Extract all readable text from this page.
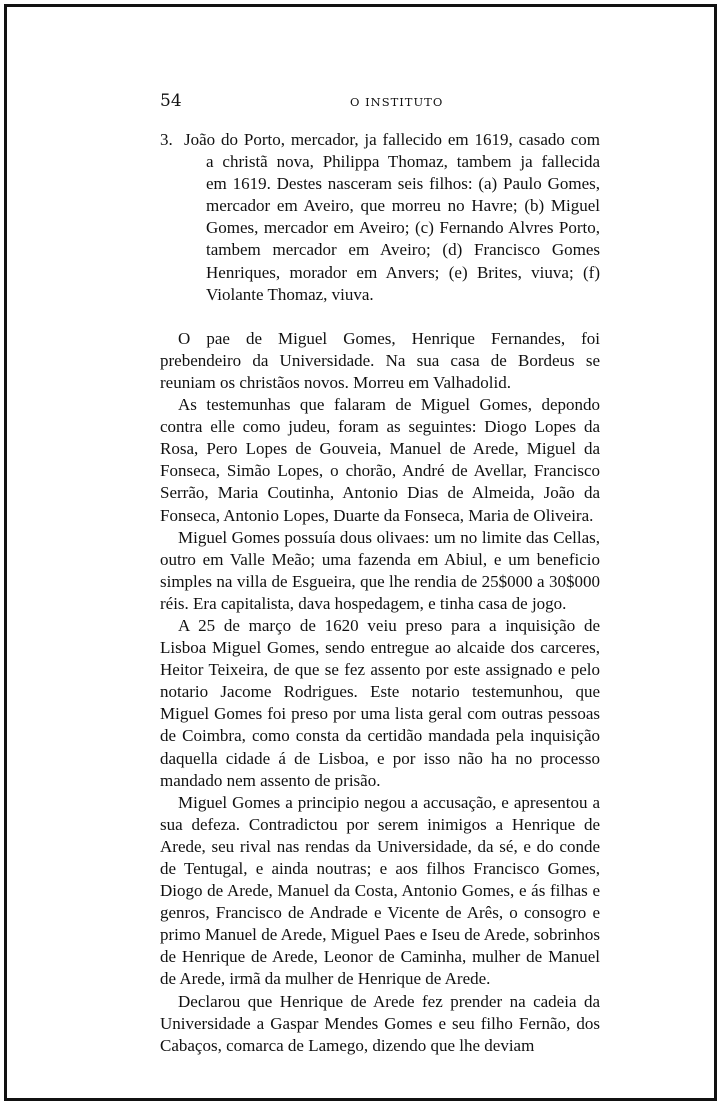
54	O INSTITUTO
3. João do Porto, mercador, ja fallecido em 1619, casado com
a christã nova, Philippa Thomaz, tambem ja fallecida
em 1619. Destes nasceram seis filhos: (a) Paulo Gomes,
mercador em Aveiro, que morreu no Havre; (b) Miguel
Gomes, mercador em Aveiro; (c) Fernando Alvres Porto,
tambem mercador em Aveiro; (d) Francisco Gomes
Henriques, morador em Anvers; (e) Brites, viuva; (f)
Violante Thomaz, viuva.

O pae de Miguel Gomes, Henrique Fernandes, foi prebendeiro da Universidade. Na sua casa de Bordeus se reuniam os christãos novos. Morreu em Valhadolid.

As testemunhas que falaram de Miguel Gomes, depondo contra elle como judeu, foram as seguintes: Diogo Lopes da Rosa, Pero Lopes de Gouveia, Manuel de Arede, Miguel da Fonseca, Simão Lopes, o chorão, André de Avellar, Francisco Serrão, Maria Coutinha, Antonio Dias de Almeida, João da Fonseca, Antonio Lopes, Duarte da Fonseca, Maria de Oliveira.

Miguel Gomes possuía dous olivaes: um no limite das Cellas, outro em Valle Meão; uma fazenda em Abiul, e um beneficio simples na villa de Esgueira, que lhe rendia de 25$000 a 30$000 réis. Era capitalista, dava hospedagem, e tinha casa de jogo.

A 25 de março de 1620 veiu preso para a inquisição de Lisboa Miguel Gomes, sendo entregue ao alcaide dos carceres, Heitor Teixeira, de que se fez assento por este assignado e pelo notario Jacome Rodrigues. Este notario testemunhou, que Miguel Gomes foi preso por uma lista geral com outras pessoas de Coimbra, como consta da certidão mandada pela inquisição daquella cidade á de Lisboa, e por isso não ha no processo mandado nem assento de prisão.

Miguel Gomes a principio negou a accusação, e apresentou a sua defeza. Contradictou por serem inimigos a Henrique de Arede, seu rival nas rendas da Universidade, da sé, e do conde de Tentugal, e ainda noutras; e aos filhos Francisco Gomes, Diogo de Arede, Manuel da Costa, Antonio Gomes, e ás filhas e genros, Francisco de Andrade e Vicente de Arês, o consogro e primo Manuel de Arede, Miguel Paes e Iseu de Arede, sobrinhos de Henrique de Arede, Leonor de Caminha, mulher de Manuel de Arede, irmã da mulher de Henrique de Arede.

Declarou que Henrique de Arede fez prender na cadeia da Universidade a Gaspar Mendes Gomes e seu filho Fernão, dos Cabaços, comarca de Lamego, dizendo que lhe deviam
